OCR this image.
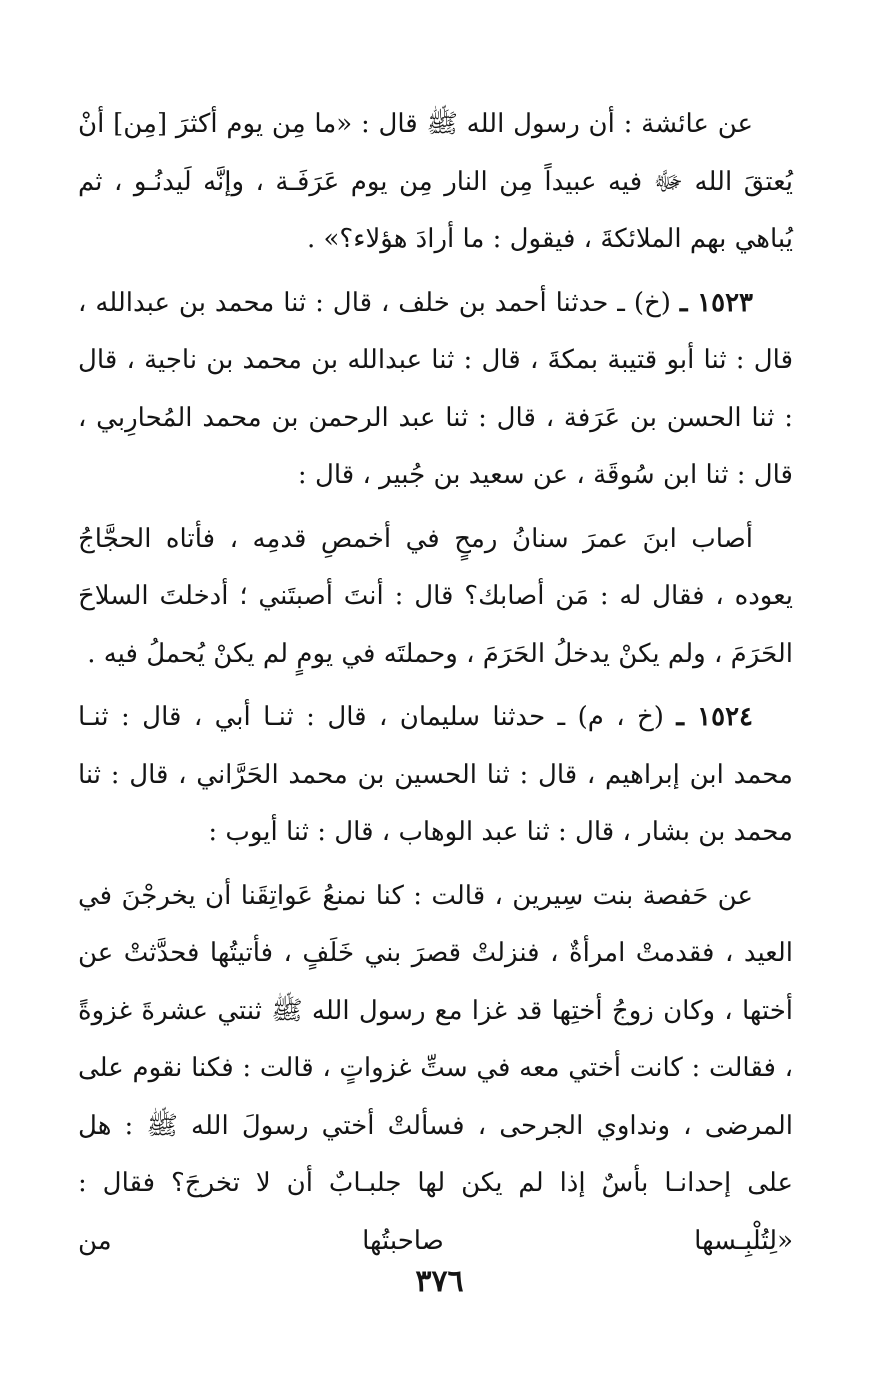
عن عائشة : أن رسول الله ﷺ قال : «ما مِن يوم أكثرَ [مِن] أنْ يُعتقَ الله ﷻ فيه عبيداً مِن النار مِن يوم عَرَفَـة ، وإنَّه لَيدنُـو ، ثم يُباهي بهم الملائكةَ ، فيقول : ما أرادَ هؤلاء؟» .

١٥٢٣ ـ (خ) ـ حدثنا أحمد بن خلف ، قال : ثنا محمد بن عبدالله ، قال : ثنا أبو قتيبة بمكةَ ، قال : ثنا عبدالله بن محمد بن ناجية ، قال : ثنا الحسن بن عَرَفة ، قال : ثنا عبد الرحمن بن محمد المُحارِبي ، قال : ثنا ابن سُوقَة ، عن سعيد بن جُبير ، قال :

أصاب ابنَ عمرَ سنانُ رمحٍ في أخمصِ قدمِه ، فأتاه الحجَّاجُ يعوده ، فقال له : مَن أصابك؟ قال : أنتَ أصبتَني ؛ أدخلتَ السلاحَ الحَرَمَ ، ولم يكنْ يدخلُ الحَرَمَ ، وحملتَه في يومٍ لم يكنْ يُحملُ فيه .

١٥٢٤ ـ (خ ، م) ـ حدثنا سليمان ، قال : ثنـا أبي ، قال : ثنـا محمد ابن إبراهيم ، قال : ثنا الحسين بن محمد الحَرَّاني ، قال : ثنا محمد بن بشار ، قال : ثنا عبد الوهاب ، قال : ثنا أيوب :

عن حَفصة بنت سِيرين ، قالت : كنا نمنعُ عَواتِقَنا أن يخرجْنَ في العيد ، فقدمتْ امرأةٌ ، فنزلتْ قصرَ بني خَلَفٍ ، فأتيتُها فحدَّثتْ عن أختها ، وكان زوجُ أختِها قد غزا مع رسول الله ﷺ ثنتي عشرةَ غزوةً ، فقالت : كانت أختي معه في ستِّ غزواتٍ ، قالت : فكنا نقوم على المرضى ، ونداوي الجرحى ، فسألتْ أختي رسولَ الله ﷺ : هل على إحدانـا بأسٌ إذا لم يكن لها جلبـابٌ أن لا تخرجَ؟ فقال : «لِتُلْبِـسها صاحبتُها من

٣٧٦
